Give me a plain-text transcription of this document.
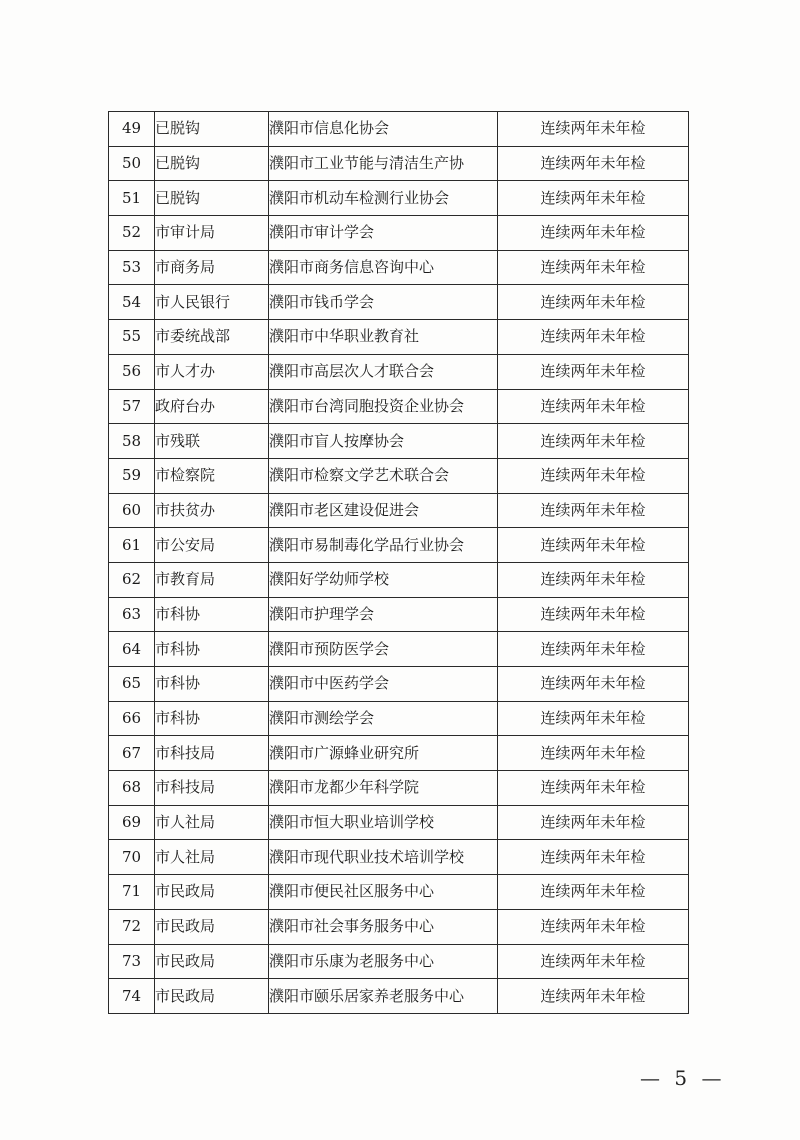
49	已脱钩	濮阳市信息化协会	连续两年未年检
50	已脱钩	濮阳市工业节能与清洁生产协	连续两年未年检
51	已脱钩	濮阳市机动车检测行业协会	连续两年未年检
52	市审计局	濮阳市审计学会	连续两年未年检
53	市商务局	濮阳市商务信息咨询中心	连续两年未年检
54	市人民银行	濮阳市钱币学会	连续两年未年检
55	市委统战部	濮阳市中华职业教育社	连续两年未年检
56	市人才办	濮阳市高层次人才联合会	连续两年未年检
57	政府台办	濮阳市台湾同胞投资企业协会	连续两年未年检
58	市残联	濮阳市盲人按摩协会	连续两年未年检
59	市检察院	濮阳市检察文学艺术联合会	连续两年未年检
60	市扶贫办	濮阳市老区建设促进会	连续两年未年检
61	市公安局	濮阳市易制毒化学品行业协会	连续两年未年检
62	市教育局	濮阳好学幼师学校	连续两年未年检
63	市科协	濮阳市护理学会	连续两年未年检
64	市科协	濮阳市预防医学会	连续两年未年检
65	市科协	濮阳市中医药学会	连续两年未年检
66	市科协	濮阳市测绘学会	连续两年未年检
67	市科技局	濮阳市广源蜂业研究所	连续两年未年检
68	市科技局	濮阳市龙都少年科学院	连续两年未年检
69	市人社局	濮阳市恒大职业培训学校	连续两年未年检
70	市人社局	濮阳市现代职业技术培训学校	连续两年未年检
71	市民政局	濮阳市便民社区服务中心	连续两年未年检
72	市民政局	濮阳市社会事务服务中心	连续两年未年检
73	市民政局	濮阳市乐康为老服务中心	连续两年未年检
74	市民政局	濮阳市颐乐居家养老服务中心	连续两年未年检
— 5 —
